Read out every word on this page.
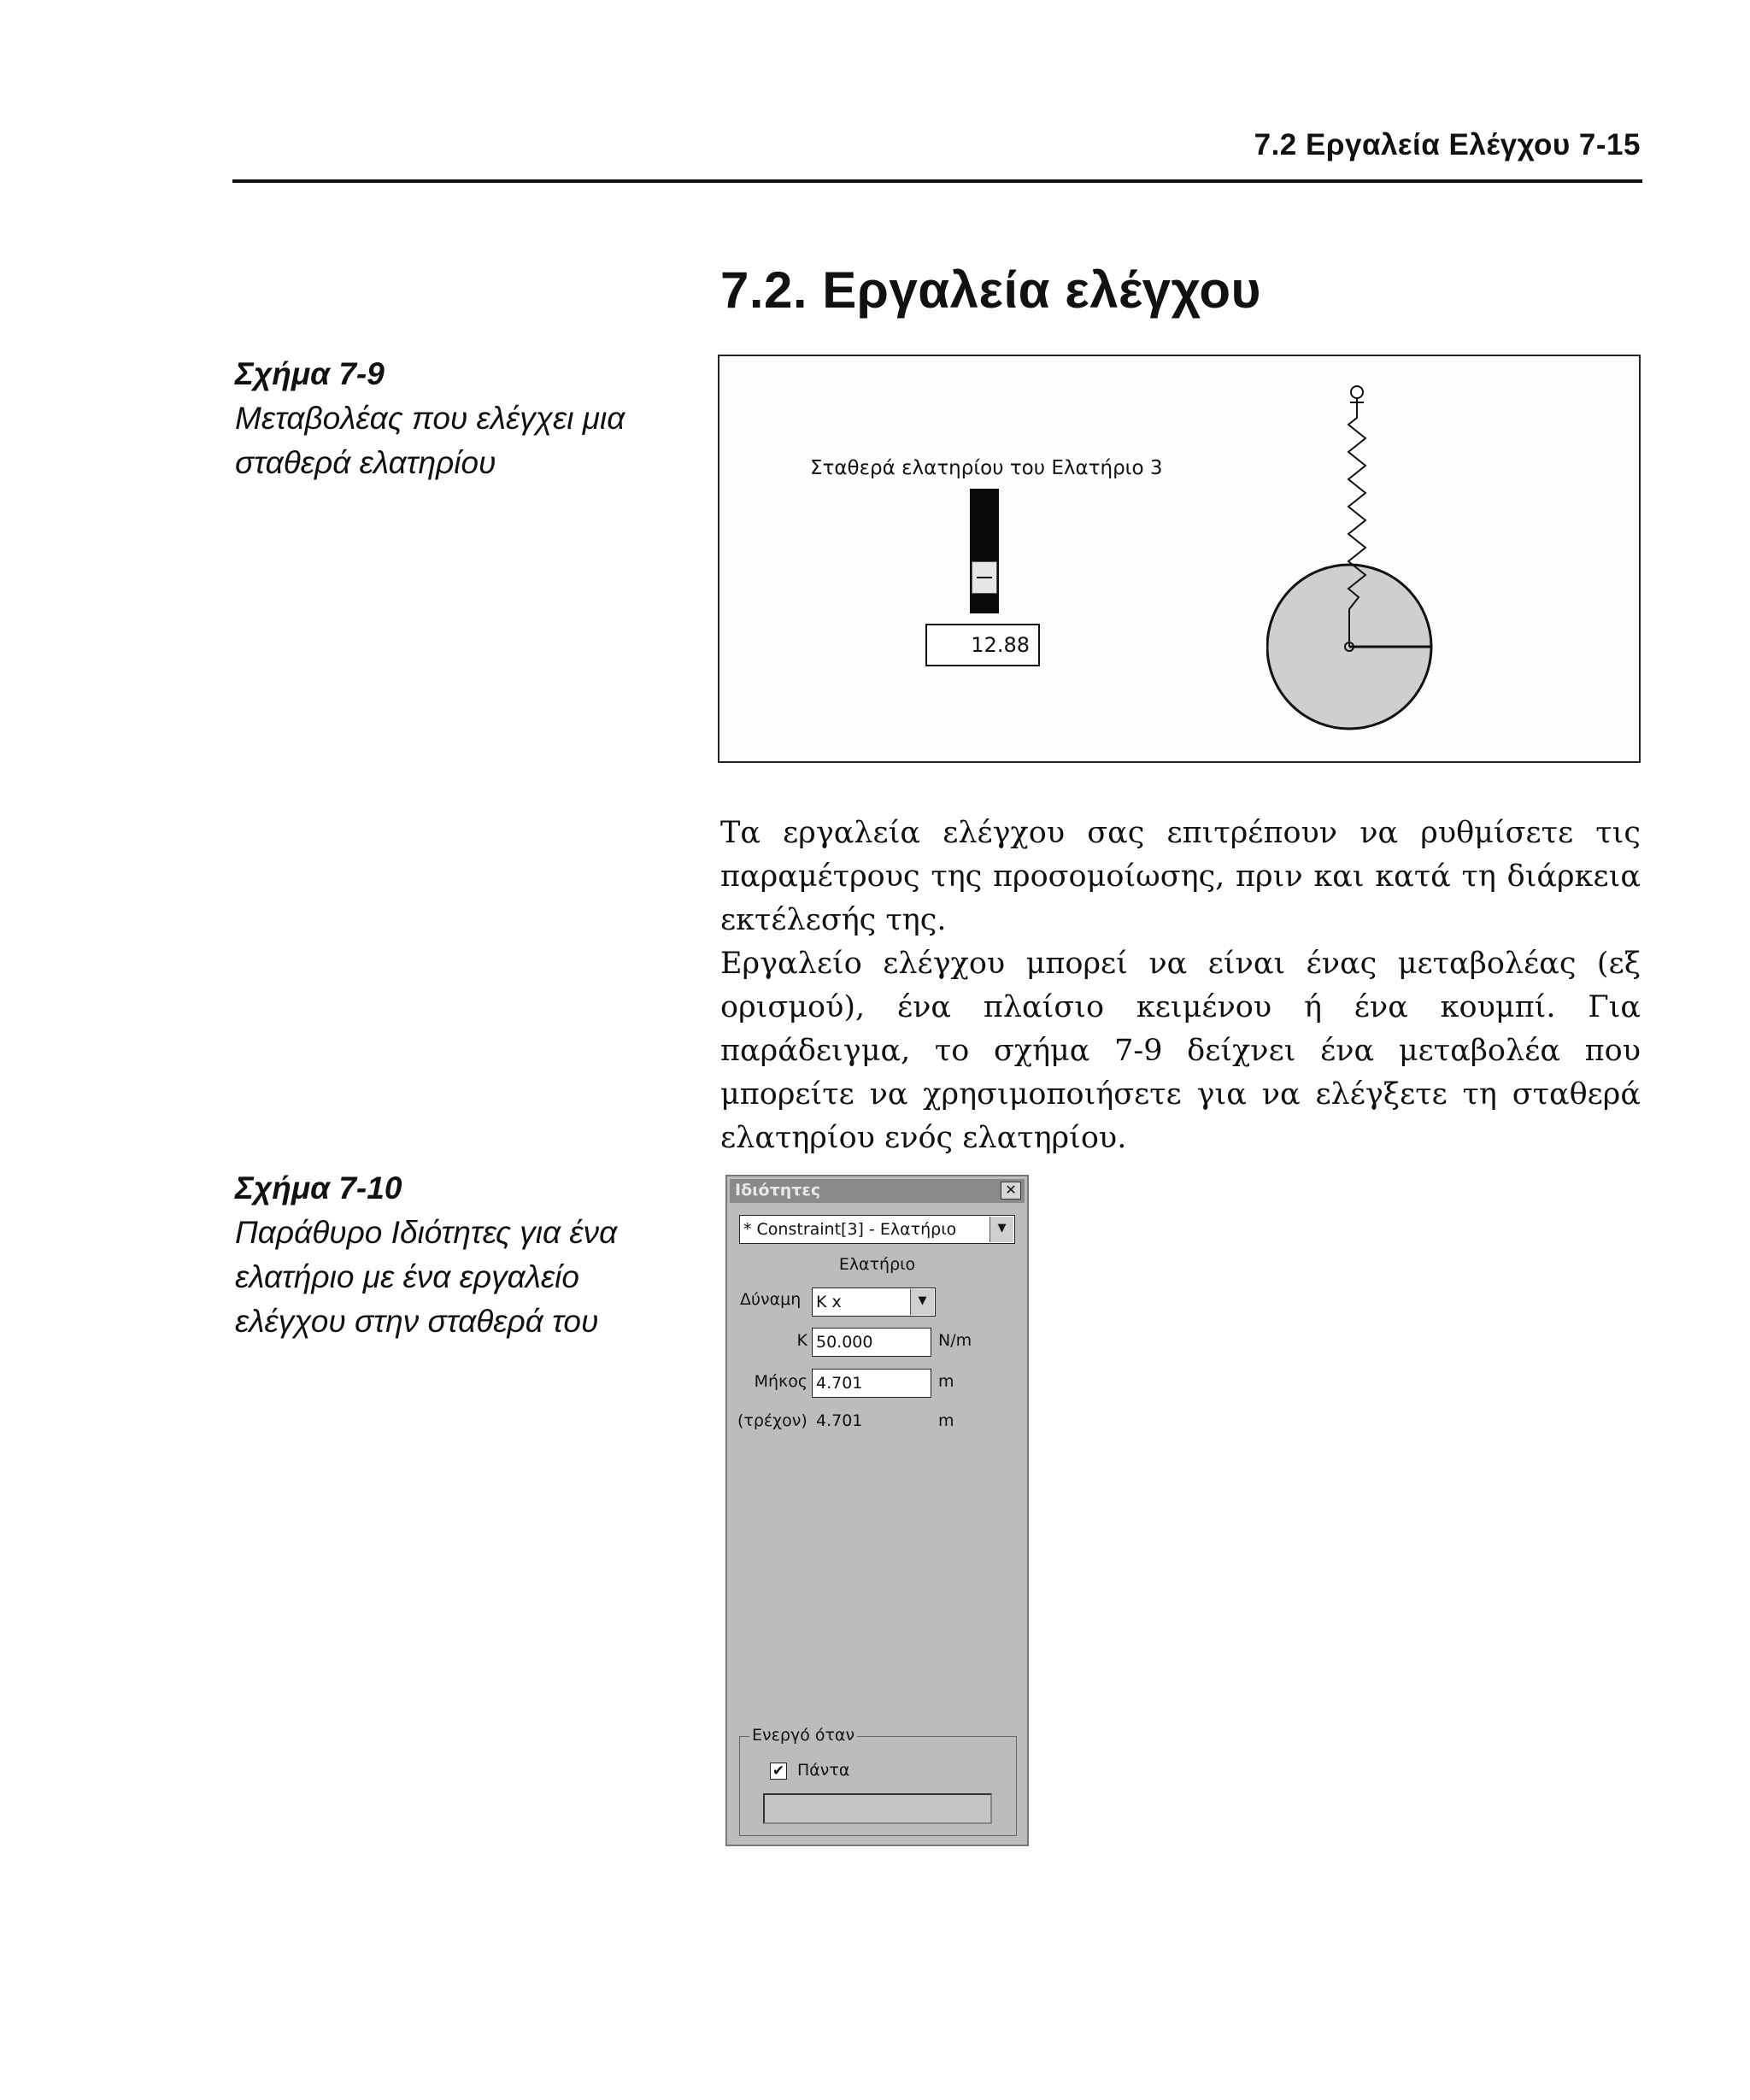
7.2 Εργαλεία Ελέγχου 7-15
7.2. Εργαλεία ελέγχου
Σχήμα 7-9
Μεταβολέας που ελέγχει μια σταθερά ελατηρίου	Σταθερά ελατηρίου του Ελατήριο 3
12.88

Τα εργαλεία ελέγχου σας επιτρέπουν να ρυθμίσετε τις παραμέτρους της προσομοίωσης, πριν και κατά τη διάρκεια εκτέλεσής της.

Εργαλείο ελέγχου μπορεί να είναι ένας μεταβολέας (εξ ορισμού), ένα πλαίσιο κειμένου ή ένα κουμπί. Για παράδειγμα, το σχήμα 7-9 δείχνει ένα μεταβολέα που μπορείτε να χρησιμοποιήσετε για να ελέγξετε τη σταθερά ελατηρίου ενός ελατηρίου.

Σχήμα 7-10
Παράθυρο Ιδιότητες για ένα ελατήριο με ένα εργαλείο ελέγχου στην σταθερά του
Ιδιότητες	✕
* Constraint[3] - Ελατήριο	▼
Ελατήριο
Δύναμη K x	▼
K 50.000	N/m
Μήκος 4.701	m
(τρέχον) 4.701	m
Ενεργό όταν
✔ Πάντα
